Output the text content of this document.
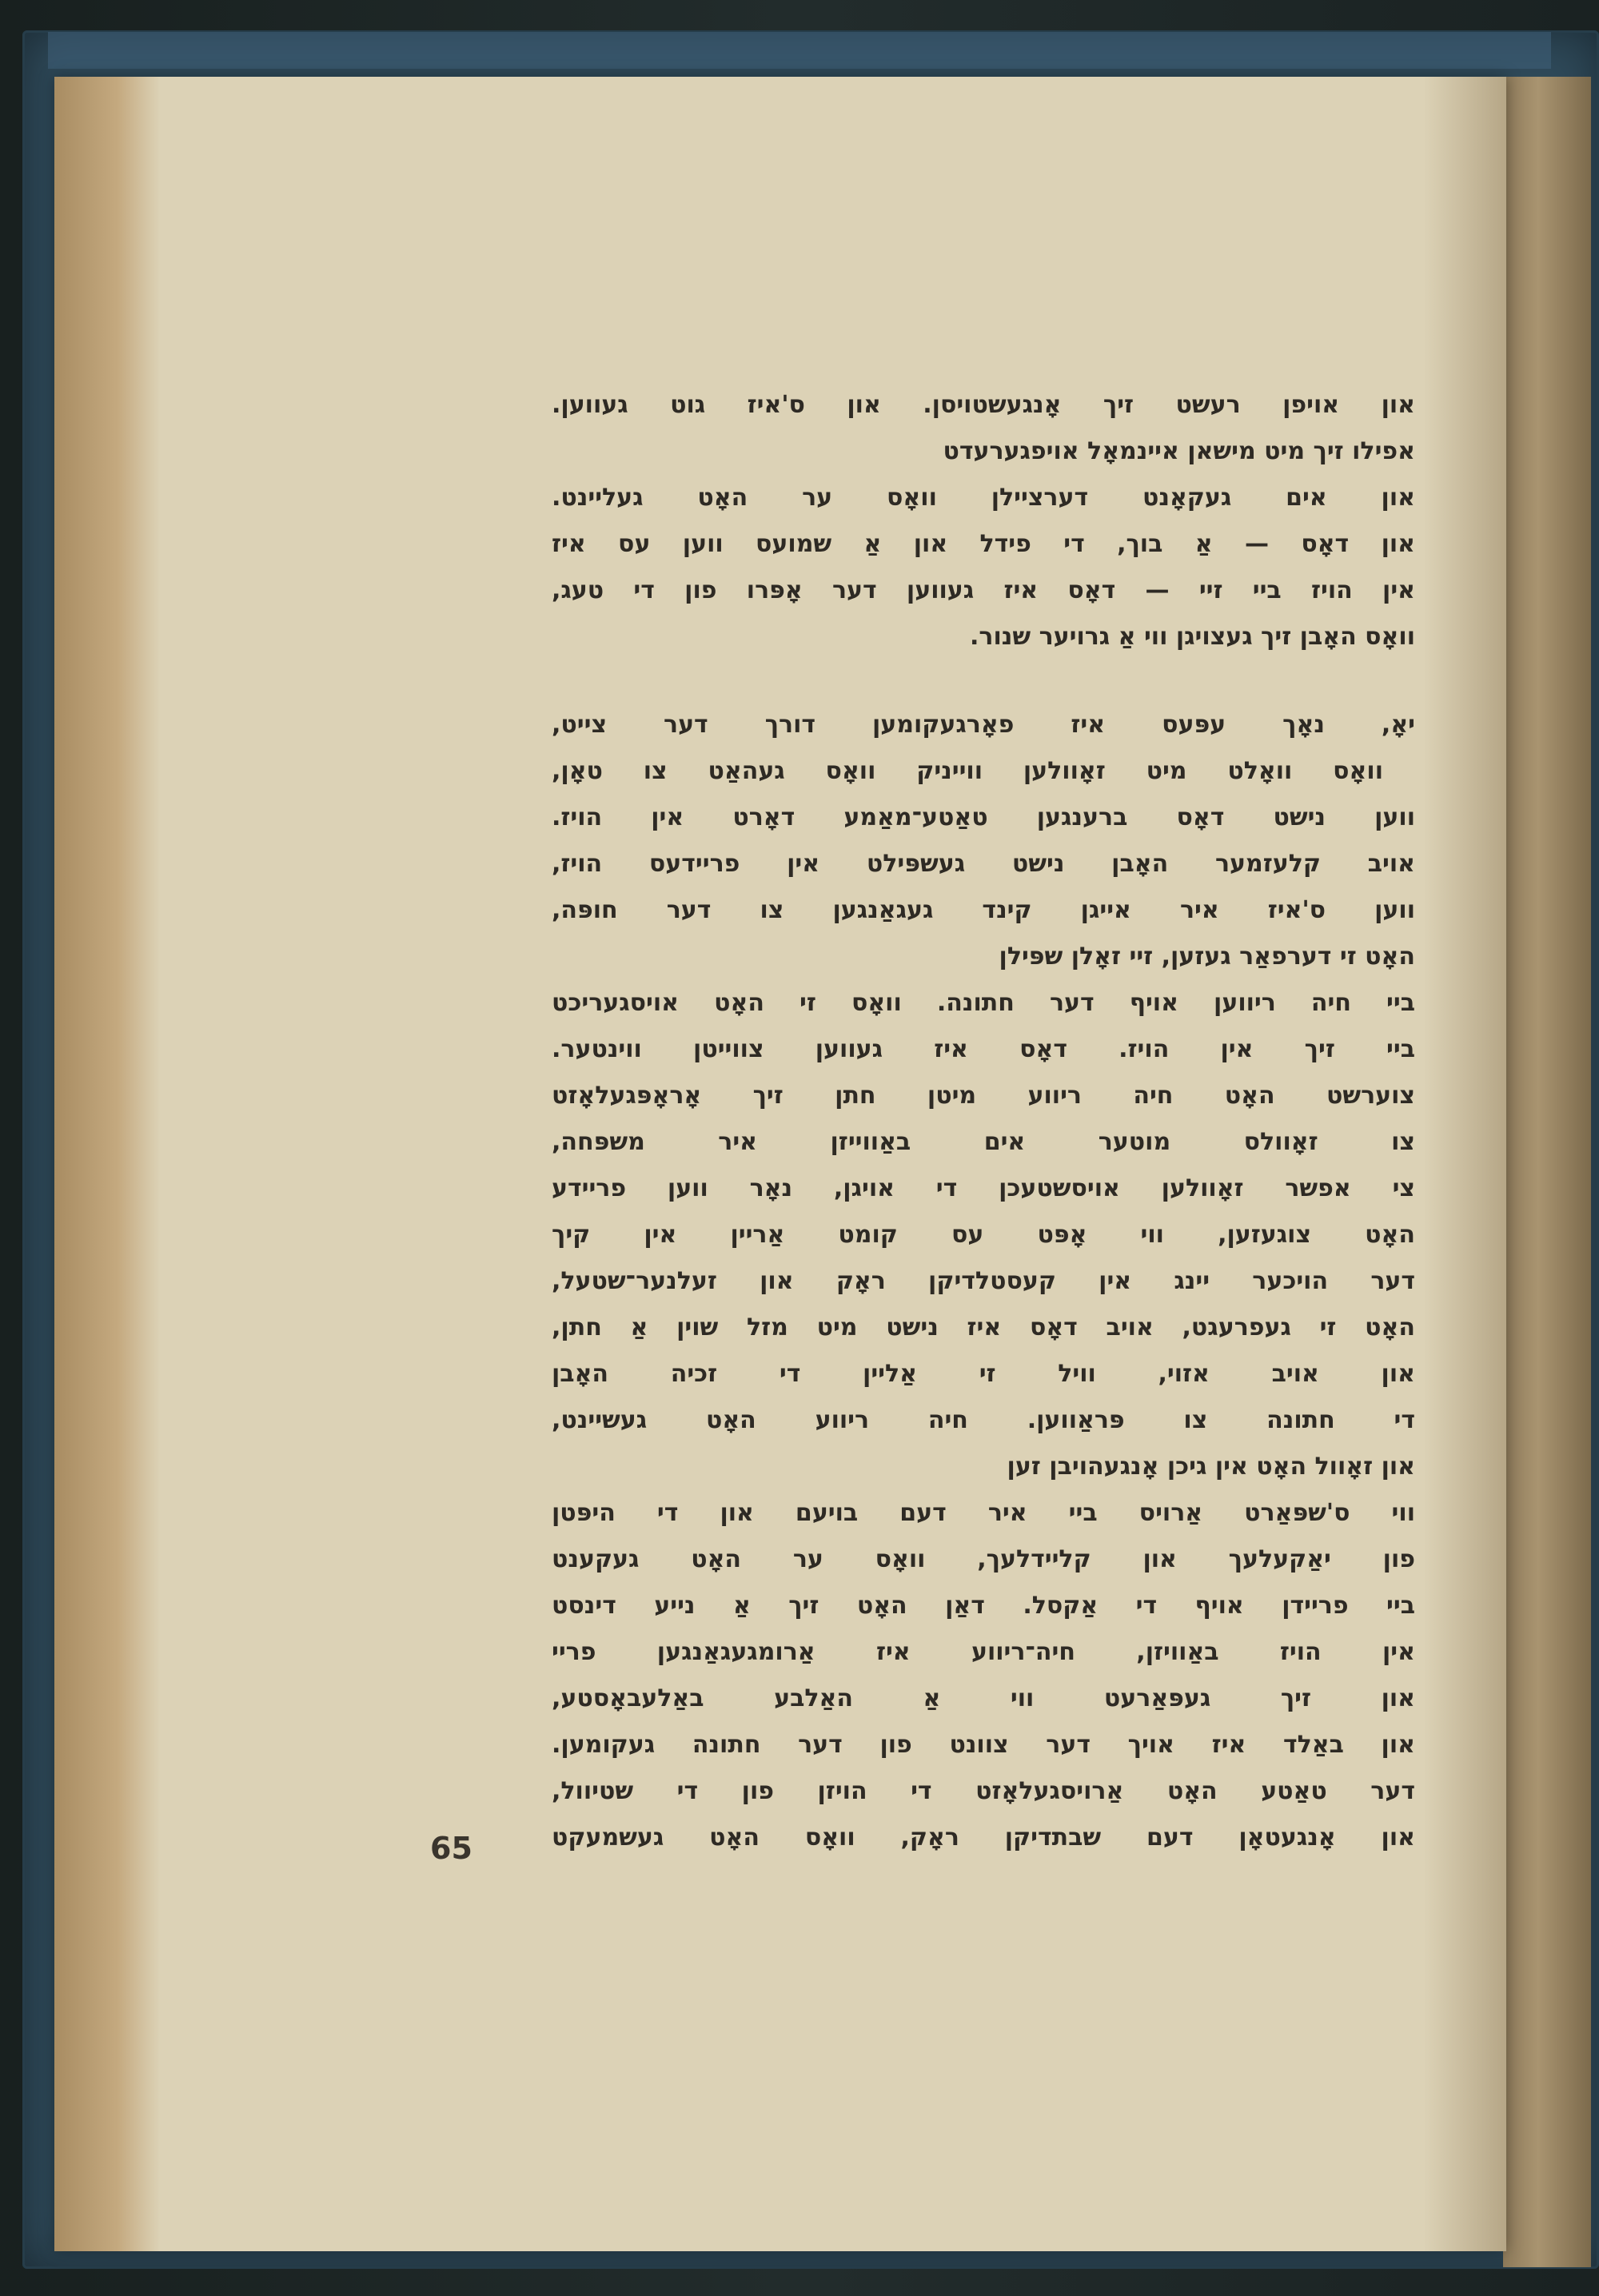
און אויפן רעשט זיך אָנגעשטויסן. און ס'איז גוט געווען.
אפילו זיך מיט מישאן איינמאָל אויפגערעדט
און אים געקאָנט דערציילן וואָס ער האָט געליינט.
און דאָס — אַ בוך, די פידל און אַ שמועס ווען עס איז
אין הויז ביי זיי — דאָס איז געווען דער אָפּרו פון די טעג,
וואָס האָבן זיך געצויגן ווי אַ גרויער שנור.
יאָ, נאָך עפּעס איז פאָרגעקומען דורך דער צייט,
וואָס וואָלט מיט זאָוולען ווייניק וואָס געהאַט צו טאָן,
ווען נישט דאָס ברענגען טאַטע־מאַמע דאָרט אין הויז.
אויב קלעזמער האָבן נישט געשפּילט אין פריידעס הויז,
ווען ס'איז איר אייגן קינד געגאַנגען צו דער חופּה,
האָט זי דערפאַר געזען, זיי זאָלן שפּילן
ביי חיה ריווען אויף דער חתונה. וואָס זי האָט אויסגעריכט
ביי זיך אין הויז. דאָס איז געווען צווייטן ווינטער.
צוערשט האָט חיה ריווע מיטן חתן זיך אָראָפּגעלאָזט
צו זאָוולס מוטער אים באַווייזן איר משפּחה,
צי אפשר זאָוולען אויסשטעכן די אויגן, נאָר ווען פריידע
האָט צוגעזען, ווי אָפּט עס קומט אַריין אין קיך
דער הויכער יינג אין קעסטלדיקן ראָק און זעלנער־שטעל,
האָט זי געפרעגט, אויב דאָס איז נישט מיט מזל שוין אַ חתן,
און אויב אזוי, וויל זי אַליין די זכיה האָבן
די חתונה צו פּראַווען. חיה ריווע האָט געשיינט,
און זאָוול האָט אין גיכן אָנגעהויבן זען
ווי ס'שפּאַרט אַרויס ביי איר דעם בויעם און די היפּטן
פון יאַקעלעך און קליידלעך, וואָס ער האָט געקענט
ביי פריידן אויף די אַקסל. דאַן האָט זיך אַ נייע דינסט
אין הויז באַוויזן, חיה־ריווע איז אַרומגעגאַנגען פריי
און זיך געפּאַרעט ווי אַ האַלבע באַלעבאָסטע,
און באַלד איז אויך דער צוונט פון דער חתונה געקומען.
דער טאַטע האָט אַרויסגעלאָזט די הויזן פון די שטיוול,
און אָנגעטאָן דעם שבתדיקן ראָק, וואָס האָט געשמעקט
65
